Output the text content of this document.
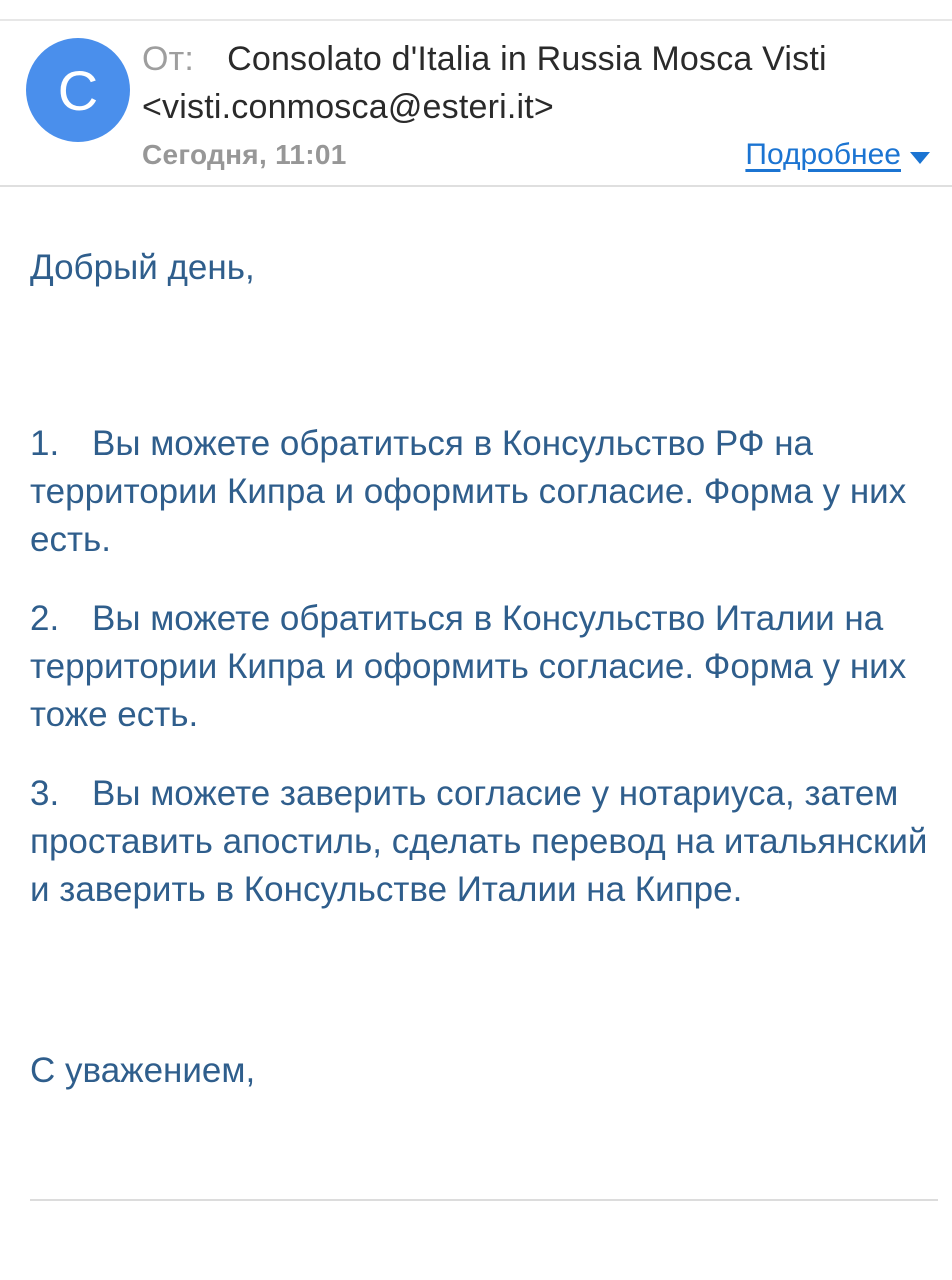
C От: Consolato d'Italia in Russia Mosca Visti <visti.conmosca@esteri.it>
Сегодня, 11:01	Подробнее

Добрый день,

1. Вы можете обратиться в Консульство РФ на территории Кипра и оформить согласие. Форма у них есть.

2. Вы можете обратиться в Консульство Италии на территории Кипра и оформить согласие. Форма у них тоже есть.

3. Вы можете заверить согласие у нотариуса, затем проставить апостиль, сделать перевод на итальянский и заверить в Консульстве Италии на Кипре.

С уважением,
